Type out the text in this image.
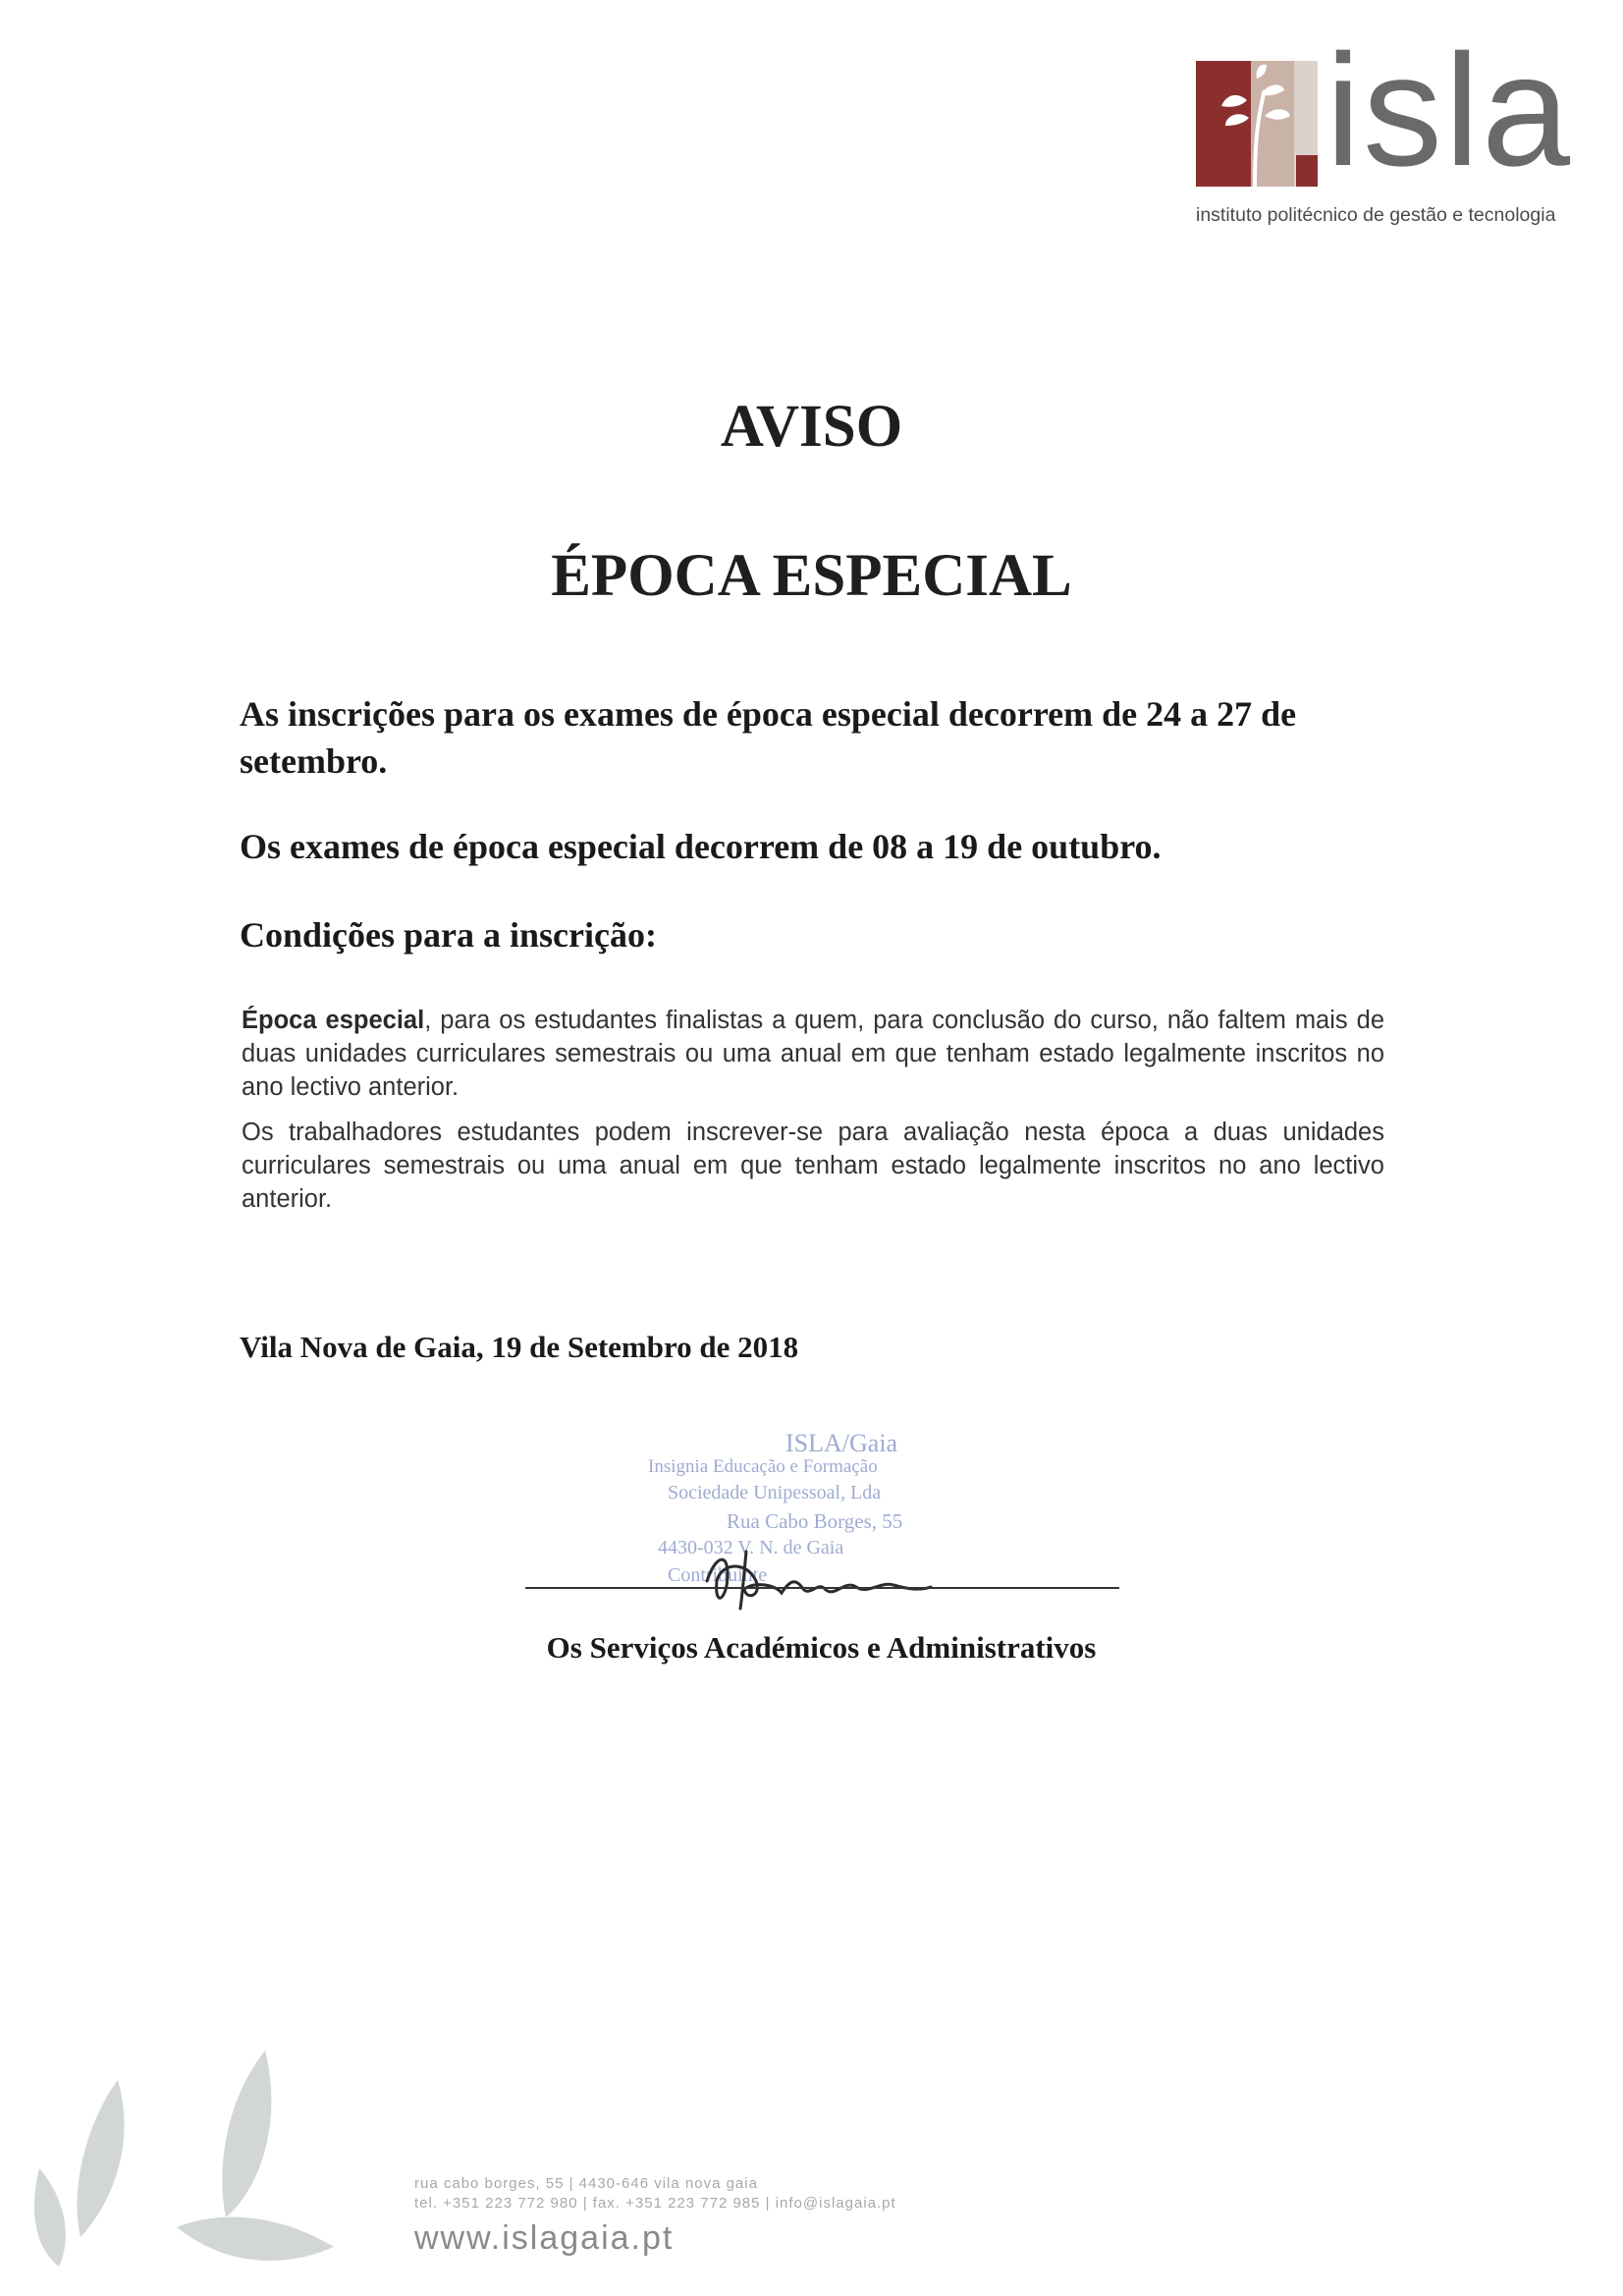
isla
instituto politécnico de gestão e tecnologia
AVISO
ÉPOCA ESPECIAL
As inscrições para os exames de época especial decorrem de 24 a 27 de setembro.
Os exames de época especial decorrem de 08 a 19 de outubro.
Condições para a inscrição:
Época especial, para os estudantes finalistas a quem, para conclusão do curso, não faltem mais de duas unidades curriculares semestrais ou uma anual em que tenham estado legalmente inscritos no ano lectivo anterior.
Os trabalhadores estudantes podem inscrever-se para avaliação nesta época a duas unidades curriculares semestrais ou uma anual em que tenham estado legalmente inscritos no ano lectivo anterior.
Vila Nova de Gaia, 19 de Setembro de 2018
ISLA/Gaia
Insignia Educação e Formação
Sociedade Unipessoal, Lda
Rua Cabo Borges, 55
4430-032 V. N. de Gaia
Contribuinte
Os Serviços Académicos e Administrativos
rua cabo borges, 55 | 4430-646 vila nova gaia
tel. +351 223 772 980 | fax. +351 223 772 985 | info@islagaia.pt
www.islagaia.pt
